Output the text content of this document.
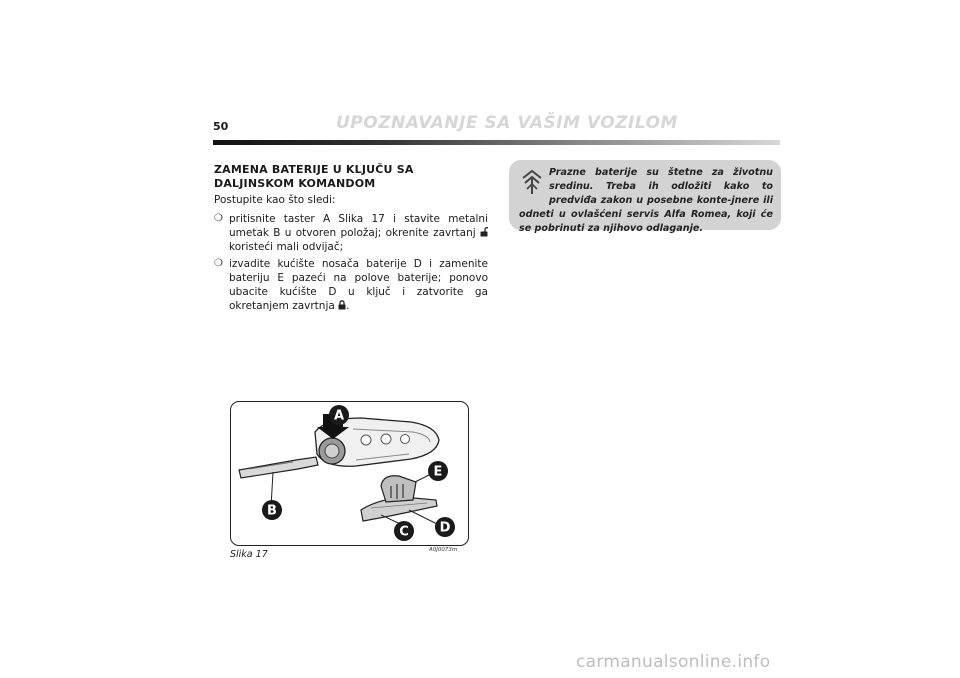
50	UPOZNAVANJE SA VAŠIM VOZILOM
ZAMENA BATERIJE U KLJUČU SA DALJINSKOM KOMANDOM
Postupite kao što sledi:
❍ pritisnite taster A Slika 17 i stavite metalni umetak B u otvoren položaj; okrenite zavrtanj  koristeći mali odvijač;
❍ izvadite kućište nosača baterije D i zamenite bateriju E pazeći na polove baterije; ponovo ubacite kućište D u ključ i zatvorite ga okretanjem zavrtnja .
Prazne baterije su štetne za životnu sredinu. Treba ih odložiti kako to predviđa zakon u posebne konte-jnere ili odneti u ovlašćeni servis Alfa Romea, koji će se pobrinuti za njihovo odlaganje.
A
B
C D
E
Slika 17	A0J0073m
carmanualsonline.info
